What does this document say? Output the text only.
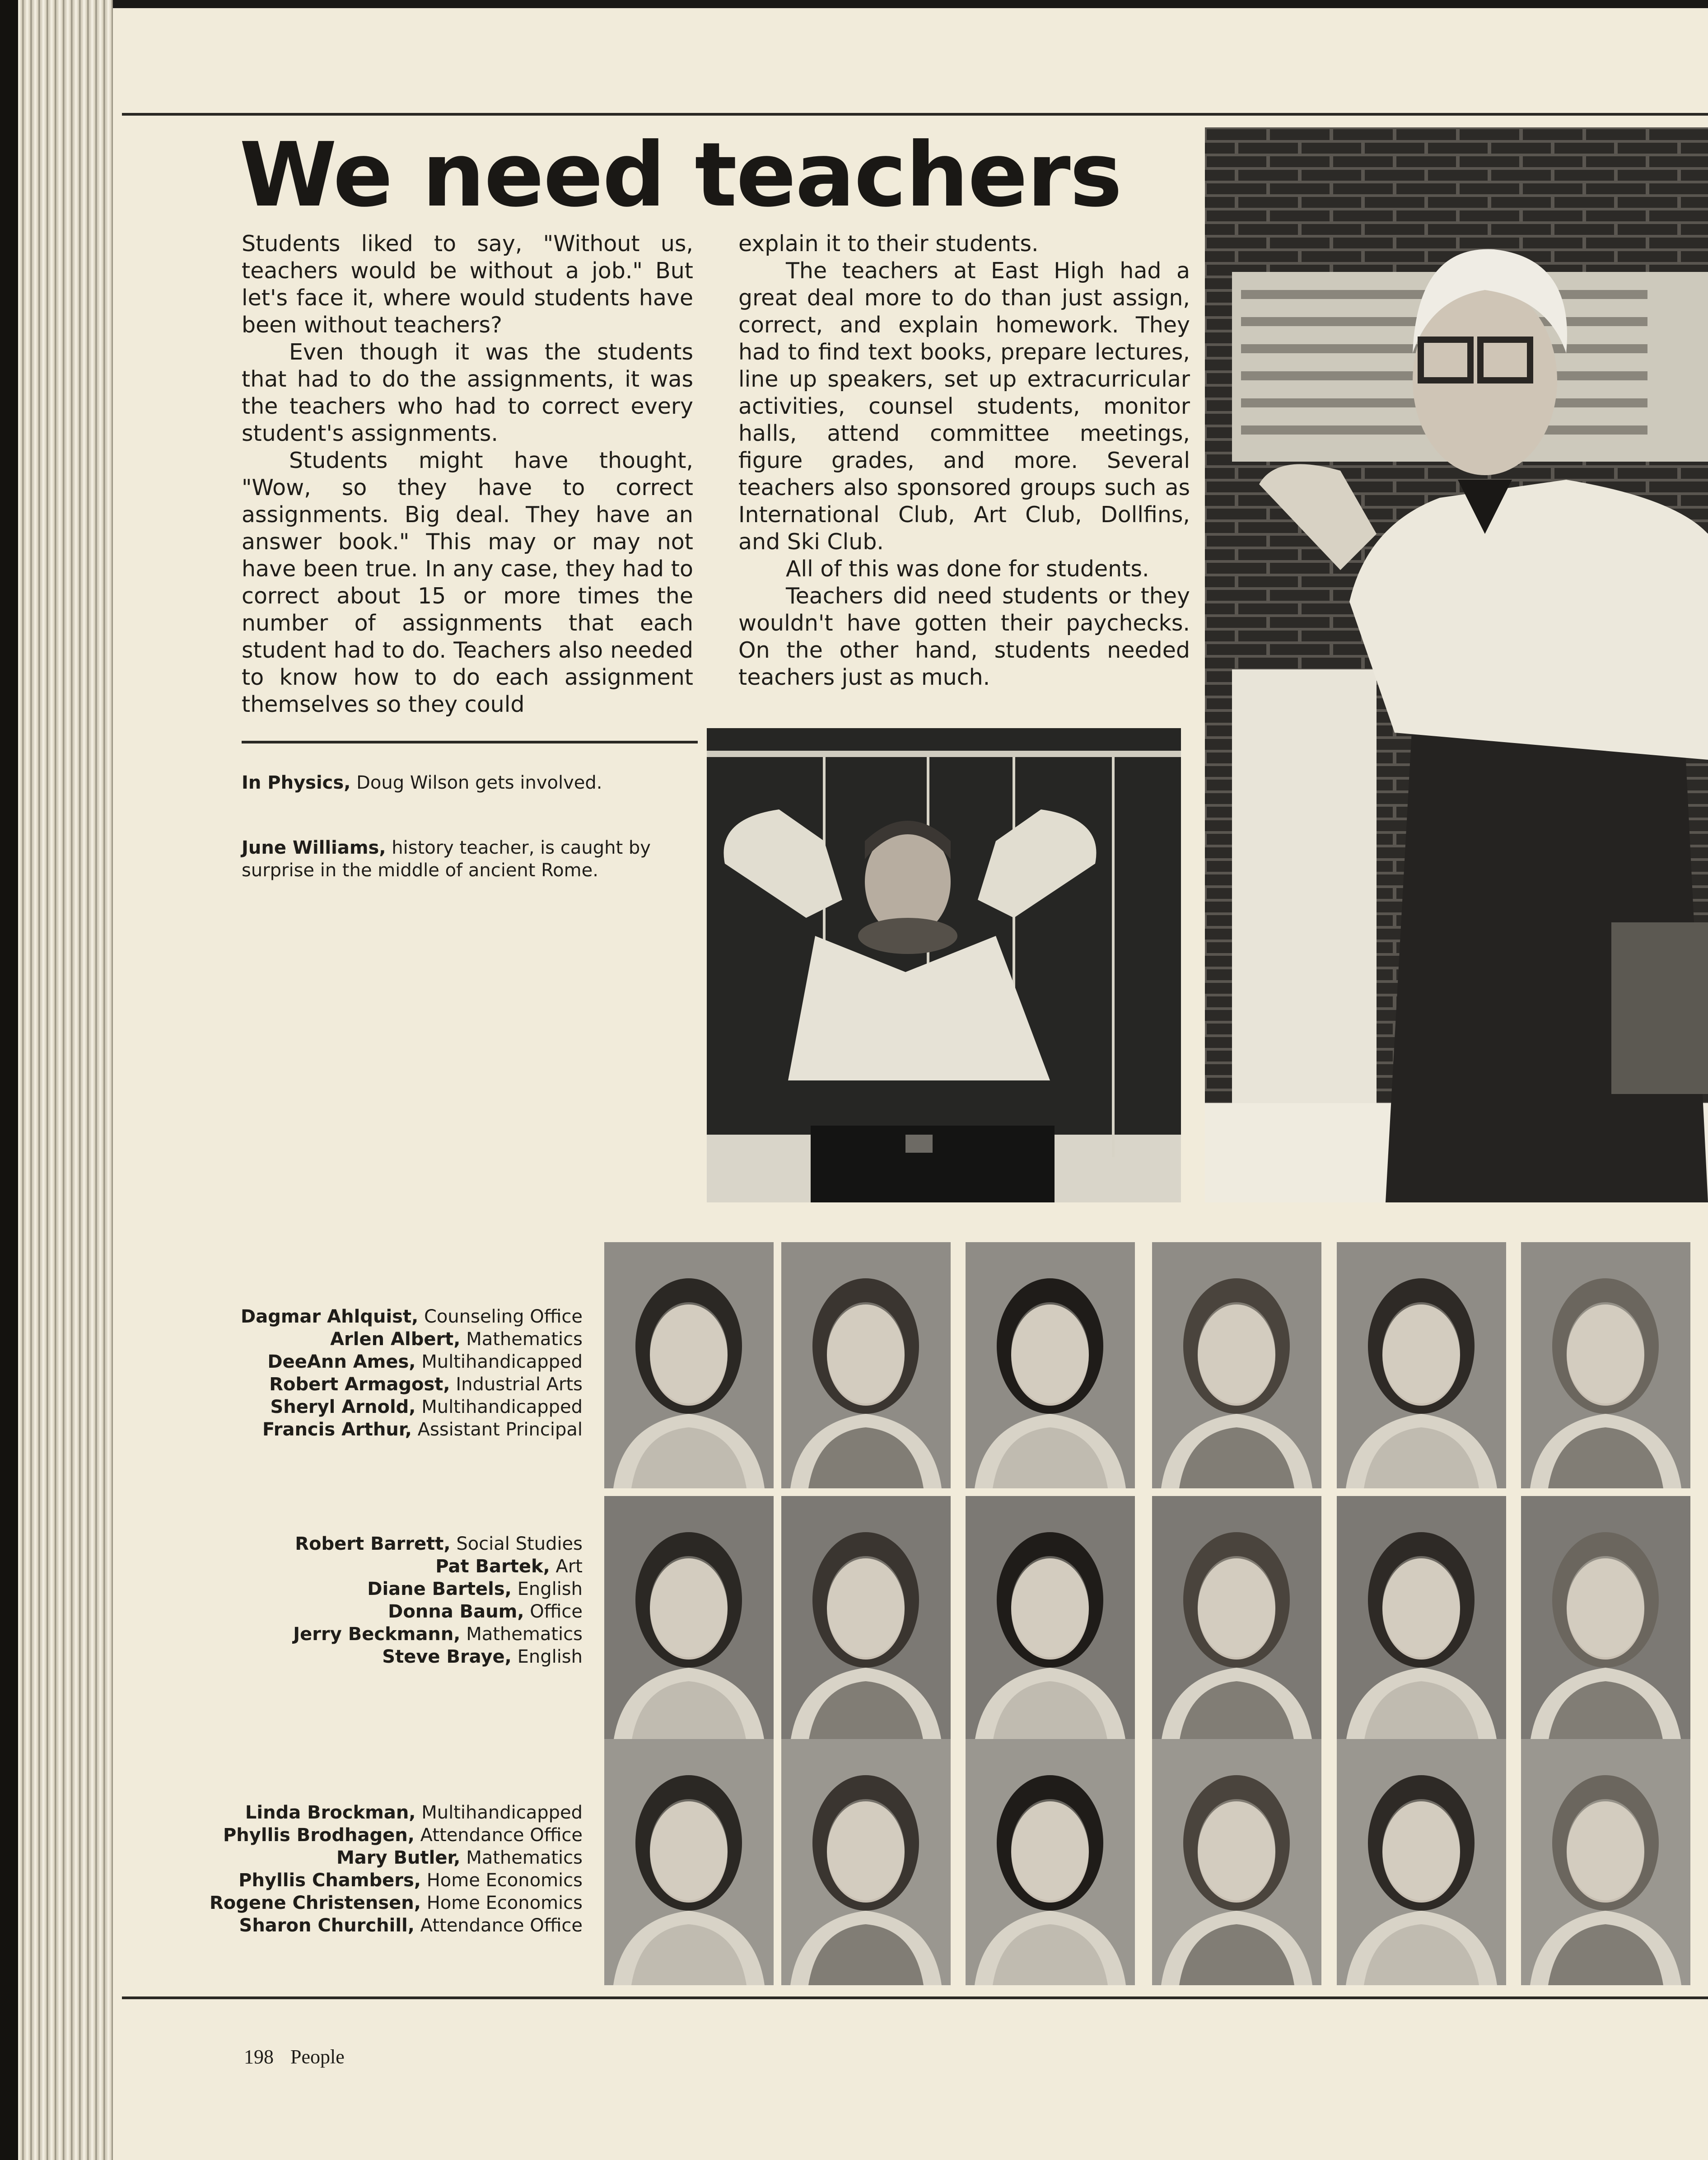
We need teachers

Students liked to say, "Without us, teachers would be without a job." But let's face it, where would students have been without teachers?

Even though it was the students that had to do the assignments, it was the teachers who had to correct every student's assignments.

Students might have thought, "Wow, so they have to correct assignments. Big deal. They have an answer book." This may or may not have been true. In any case, they had to correct about 15 or more times the number of assignments that each student had to do. Teachers also needed to know how to do each assignment themselves so they could

explain it to their students.

The teachers at East High had a great deal more to do than just assign, correct, and explain homework. They had to find text books, prepare lectures, line up speakers, set up extracurricular activities, counsel students, monitor halls, attend committee meetings, figure grades, and more. Several teachers also sponsored groups such as International Club, Art Club, Dollfins, and Ski Club.

All of this was done for students.

Teachers did need students or they wouldn't have gotten their paychecks. On the other hand, students needed teachers just as much.

In Physics, Doug Wilson gets involved.

June Williams, history teacher, is caught by surprise in the middle of ancient Rome.

Dagmar Ahlquist, Counseling Office
Arlen Albert, Mathematics
DeeAnn Ames, Multihandicapped
Robert Armagost, Industrial Arts
Sheryl Arnold, Multihandicapped
Francis Arthur, Assistant Principal
Robert Barrett, Social Studies
Pat Bartek, Art
Diane Bartels, English
Donna Baum, Office
Jerry Beckmann, Mathematics
Steve Braye, English
Linda Brockman, Multihandicapped
Phyllis Brodhagen, Attendance Office
Mary Butler, Mathematics
Phyllis Chambers, Home Economics
Rogene Christensen, Home Economics
Sharon Churchill, Attendance Office
198 People
